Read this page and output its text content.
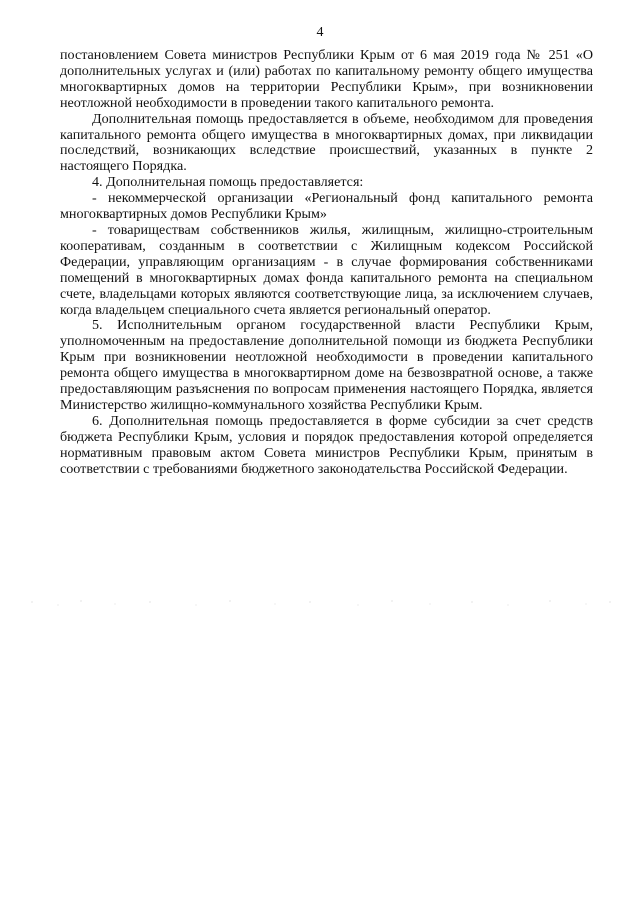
4

постановлением Совета министров Республики Крым от 6 мая 2019 года № 251 «О дополнительных услугах и (или) работах по капитальному ремонту общего имущества многоквартирных домов на территории Республики Крым», при возникновении неотложной необходимости в проведении такого капитального ремонта.

Дополнительная помощь предоставляется в объеме, необходимом для проведения капитального ремонта общего имущества в многоквартирных домах, при ликвидации последствий, возникающих вследствие происшествий, указанных в пункте 2 настоящего Порядка.

4. Дополнительная помощь предоставляется:

- некоммерческой организации «Региональный фонд капитального ремонта многоквартирных домов Республики Крым»

- товариществам собственников жилья, жилищным, жилищно-строительным кооперативам, созданным в соответствии с Жилищным кодексом Российской Федерации, управляющим организациям - в случае формирования собственниками помещений в многоквартирных домах фонда капитального ремонта на специальном счете, владельцами которых являются соответствующие лица, за исключением случаев, когда владельцем специального счета является региональный оператор.

5. Исполнительным органом государственной власти Республики Крым, уполномоченным на предоставление дополнительной помощи из бюджета Республики Крым при возникновении неотложной необходимости в проведении капитального ремонта общего имущества в многоквартирном доме на безвозвратной основе, а также предоставляющим разъяснения по вопросам применения настоящего Порядка, является Министерство жилищно-коммунального хозяйства Республики Крым.

6. Дополнительная помощь предоставляется в форме субсидии за счет средств бюджета Республики Крым, условия и порядок предоставления которой определяется нормативным правовым актом Совета министров Республики Крым, принятым в соответствии с требованиями бюджетного законодательства Российской Федерации.
